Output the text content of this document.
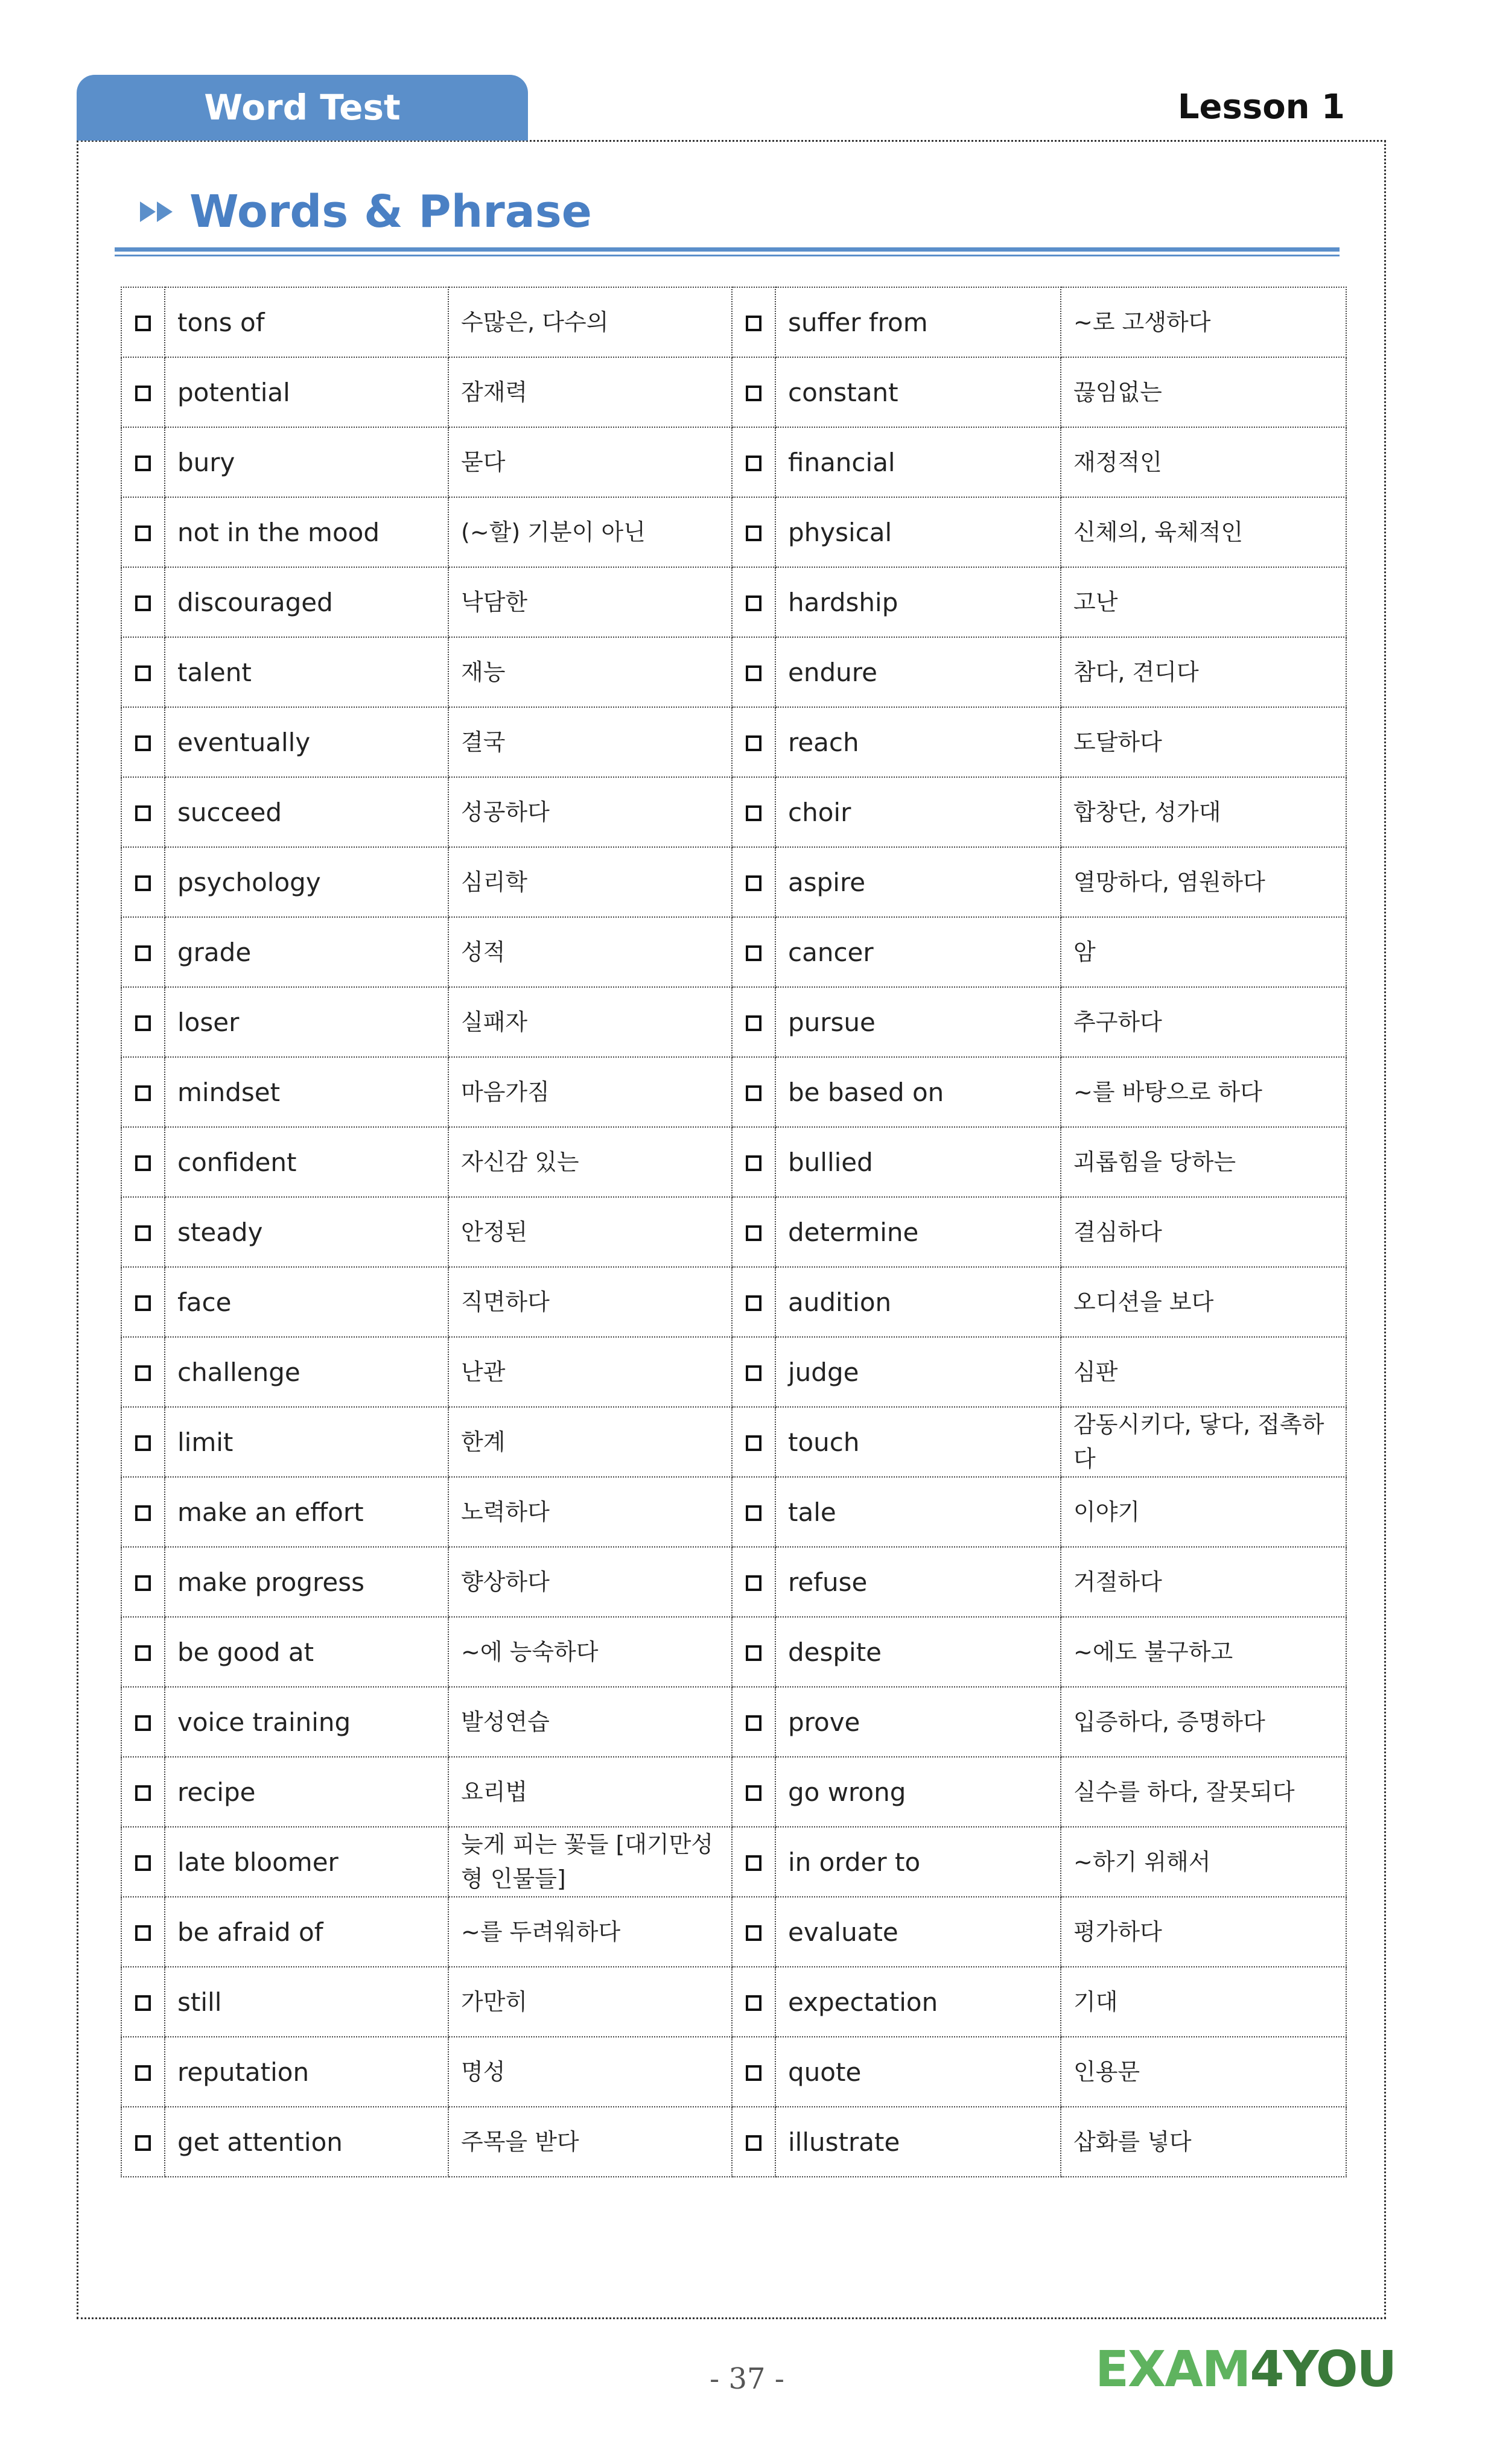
Word Test	Lesson 1
Words & Phrase
	tons of	수많은, 다수의		suffer from	~로 고생하다
	potential	잠재력		constant	끊임없는
	bury	묻다		financial	재정적인
	not in the mood	(~할) 기분이 아닌		physical	신체의, 육체적인
	discouraged	낙담한		hardship	고난
	talent	재능		endure	참다, 견디다
	eventually	결국		reach	도달하다
	succeed	성공하다		choir	합창단, 성가대
	psychology	심리학		aspire	열망하다, 염원하다
	grade	성적		cancer	암
	loser	실패자		pursue	추구하다
	mindset	마음가짐		be based on	~를 바탕으로 하다
	confident	자신감 있는		bullied	괴롭힘을 당하는
	steady	안정된		determine	결심하다
	face	직면하다		audition	오디션을 보다
	challenge	난관		judge	심판
	limit	한계		touch	감동시키다, 닿다, 접촉하다
	make an effort	노력하다		tale	이야기
	make progress	향상하다		refuse	거절하다
	be good at	~에 능숙하다		despite	~에도 불구하고
	voice training	발성연습		prove	입증하다, 증명하다
	recipe	요리법		go wrong	실수를 하다, 잘못되다
	late bloomer	늦게 피는 꽃들 [대기만성형 인물들]		in order to	~하기 위해서
	be afraid of	~를 두려워하다		evaluate	평가하다
	still	가만히		expectation	기대
	reputation	명성		quote	인용문
	get attention	주목을 받다		illustrate	삽화를 넣다
- 37 -	EXAM4YOU
